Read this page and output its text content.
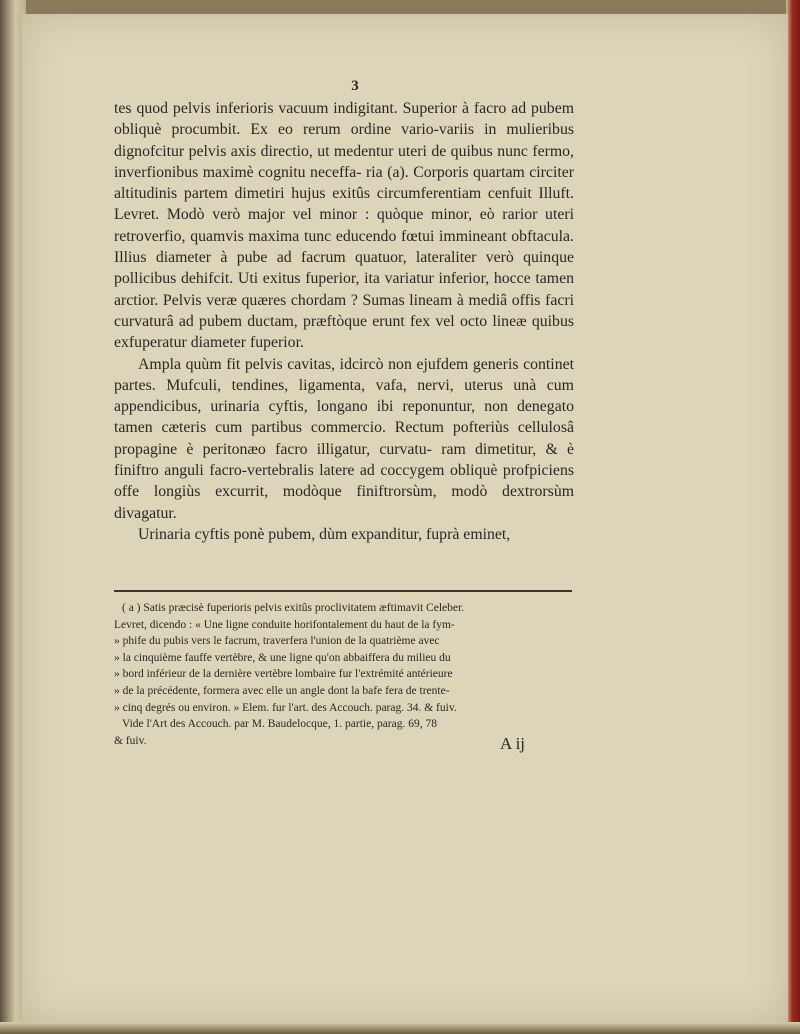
3

tes quod pelvis inferioris vacuum indigitant. Superior à facro ad pubem obliquè procumbit. Ex eo rerum ordine vario-variis in mulieribus dignofcitur pelvis axis directio, ut medentur uteri de quibus nunc fermo, inverfionibus maximè cognitu neceffa- ria (a). Corporis quartam circiter altitudinis partem dimetiri hujus exitûs circumferentiam cenfuit Illuft. Levret. Modò verò major vel minor : quòque minor, eò rarior uteri retroverfio, quamvis maxima tunc educendo fœtui immineant obftacula. Illius diameter à pube ad facrum quatuor, lateraliter verò quinque pollicibus dehifcit. Uti exitus fuperior, ita variatur inferior, hocce tamen arctior. Pelvis veræ quæres chordam ? Sumas lineam à mediâ offis facri curvaturâ ad pubem ductam, præftòque erunt fex vel octo lineæ quibus exfuperatur diameter fuperior.

Ampla quùm fit pelvis cavitas, idcircò non ejufdem generis continet partes. Mufculi, tendines, ligamenta, vafa, nervi, uterus unà cum appendicibus, urinaria cyftis, longano ibi reponuntur, non denegato tamen cæteris cum partibus commercio. Rectum pofteriùs cellulosâ propagine è peritonæo facro illigatur, curvatu- ram dimetitur, & è finiftro anguli facro-vertebralis latere ad coccygem obliquè profpiciens offe longiùs excurrit, modòque finiftrorsùm, modò dextrorsùm divagatur.

Urinaria cyftis ponè pubem, dùm expanditur, fuprà eminet,

( a ) Satis præcisè fuperioris pelvis exitûs proclivitatem æftimavit Celeber.

Levret, dicendo : « Une ligne conduite horifontalement du haut de la fym-

» phife du pubis vers le facrum, traverfera l'union de la quatrième avec

» la cinquième fauffe vertèbre, & une ligne qu'on abbaiffera du milieu du

» bord inférieur de la dernière vertèbre lombaire fur l'extrémité antérieure

» de la précédente, formera avec elle un angle dont la bafe fera de trente-

» cinq degrés ou environ. » Elem. fur l'art. des Accouch. parag. 34. & fuiv.

Vide l'Art des Accouch. par M. Baudelocque, 1. partie, parag. 69, 78

& fuiv.	A ij
